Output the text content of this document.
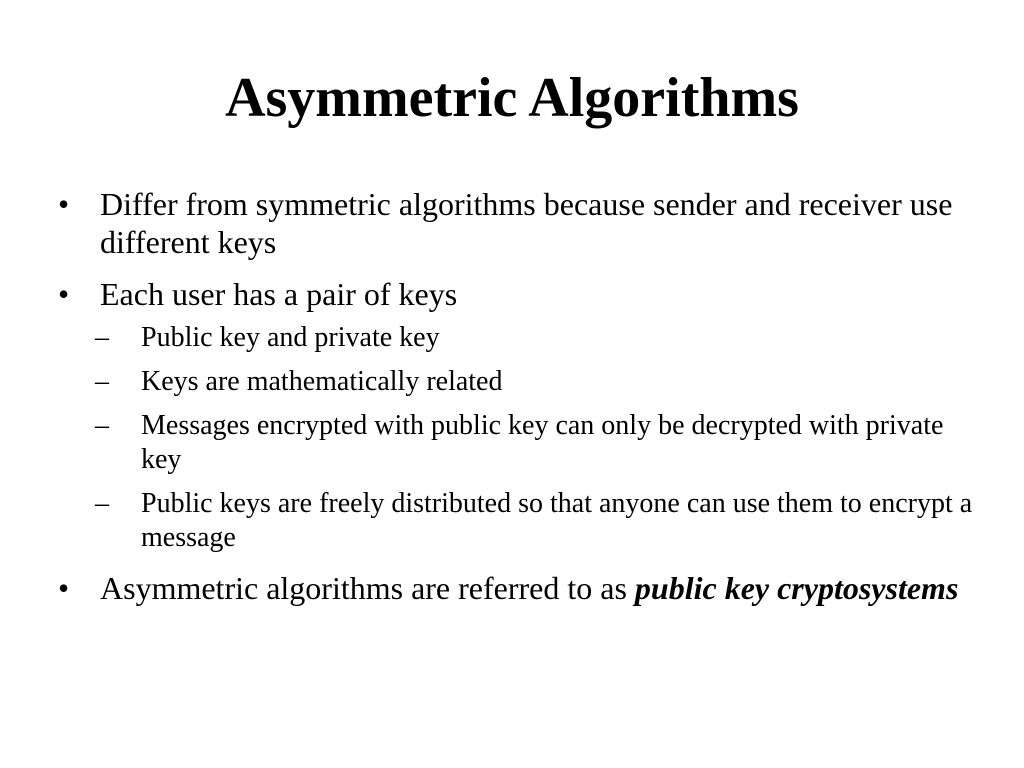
Asymmetric Algorithms
• Differ from symmetric algorithms because sender and receiver use different keys
• Each user has a pair of keys
–	Public key and private key
–	Keys are mathematically related
–	Messages encrypted with public key can only be decrypted with private key
–	Public keys are freely distributed so that anyone can use them to encrypt a message
• Asymmetric algorithms are referred to as public key cryptosystems
